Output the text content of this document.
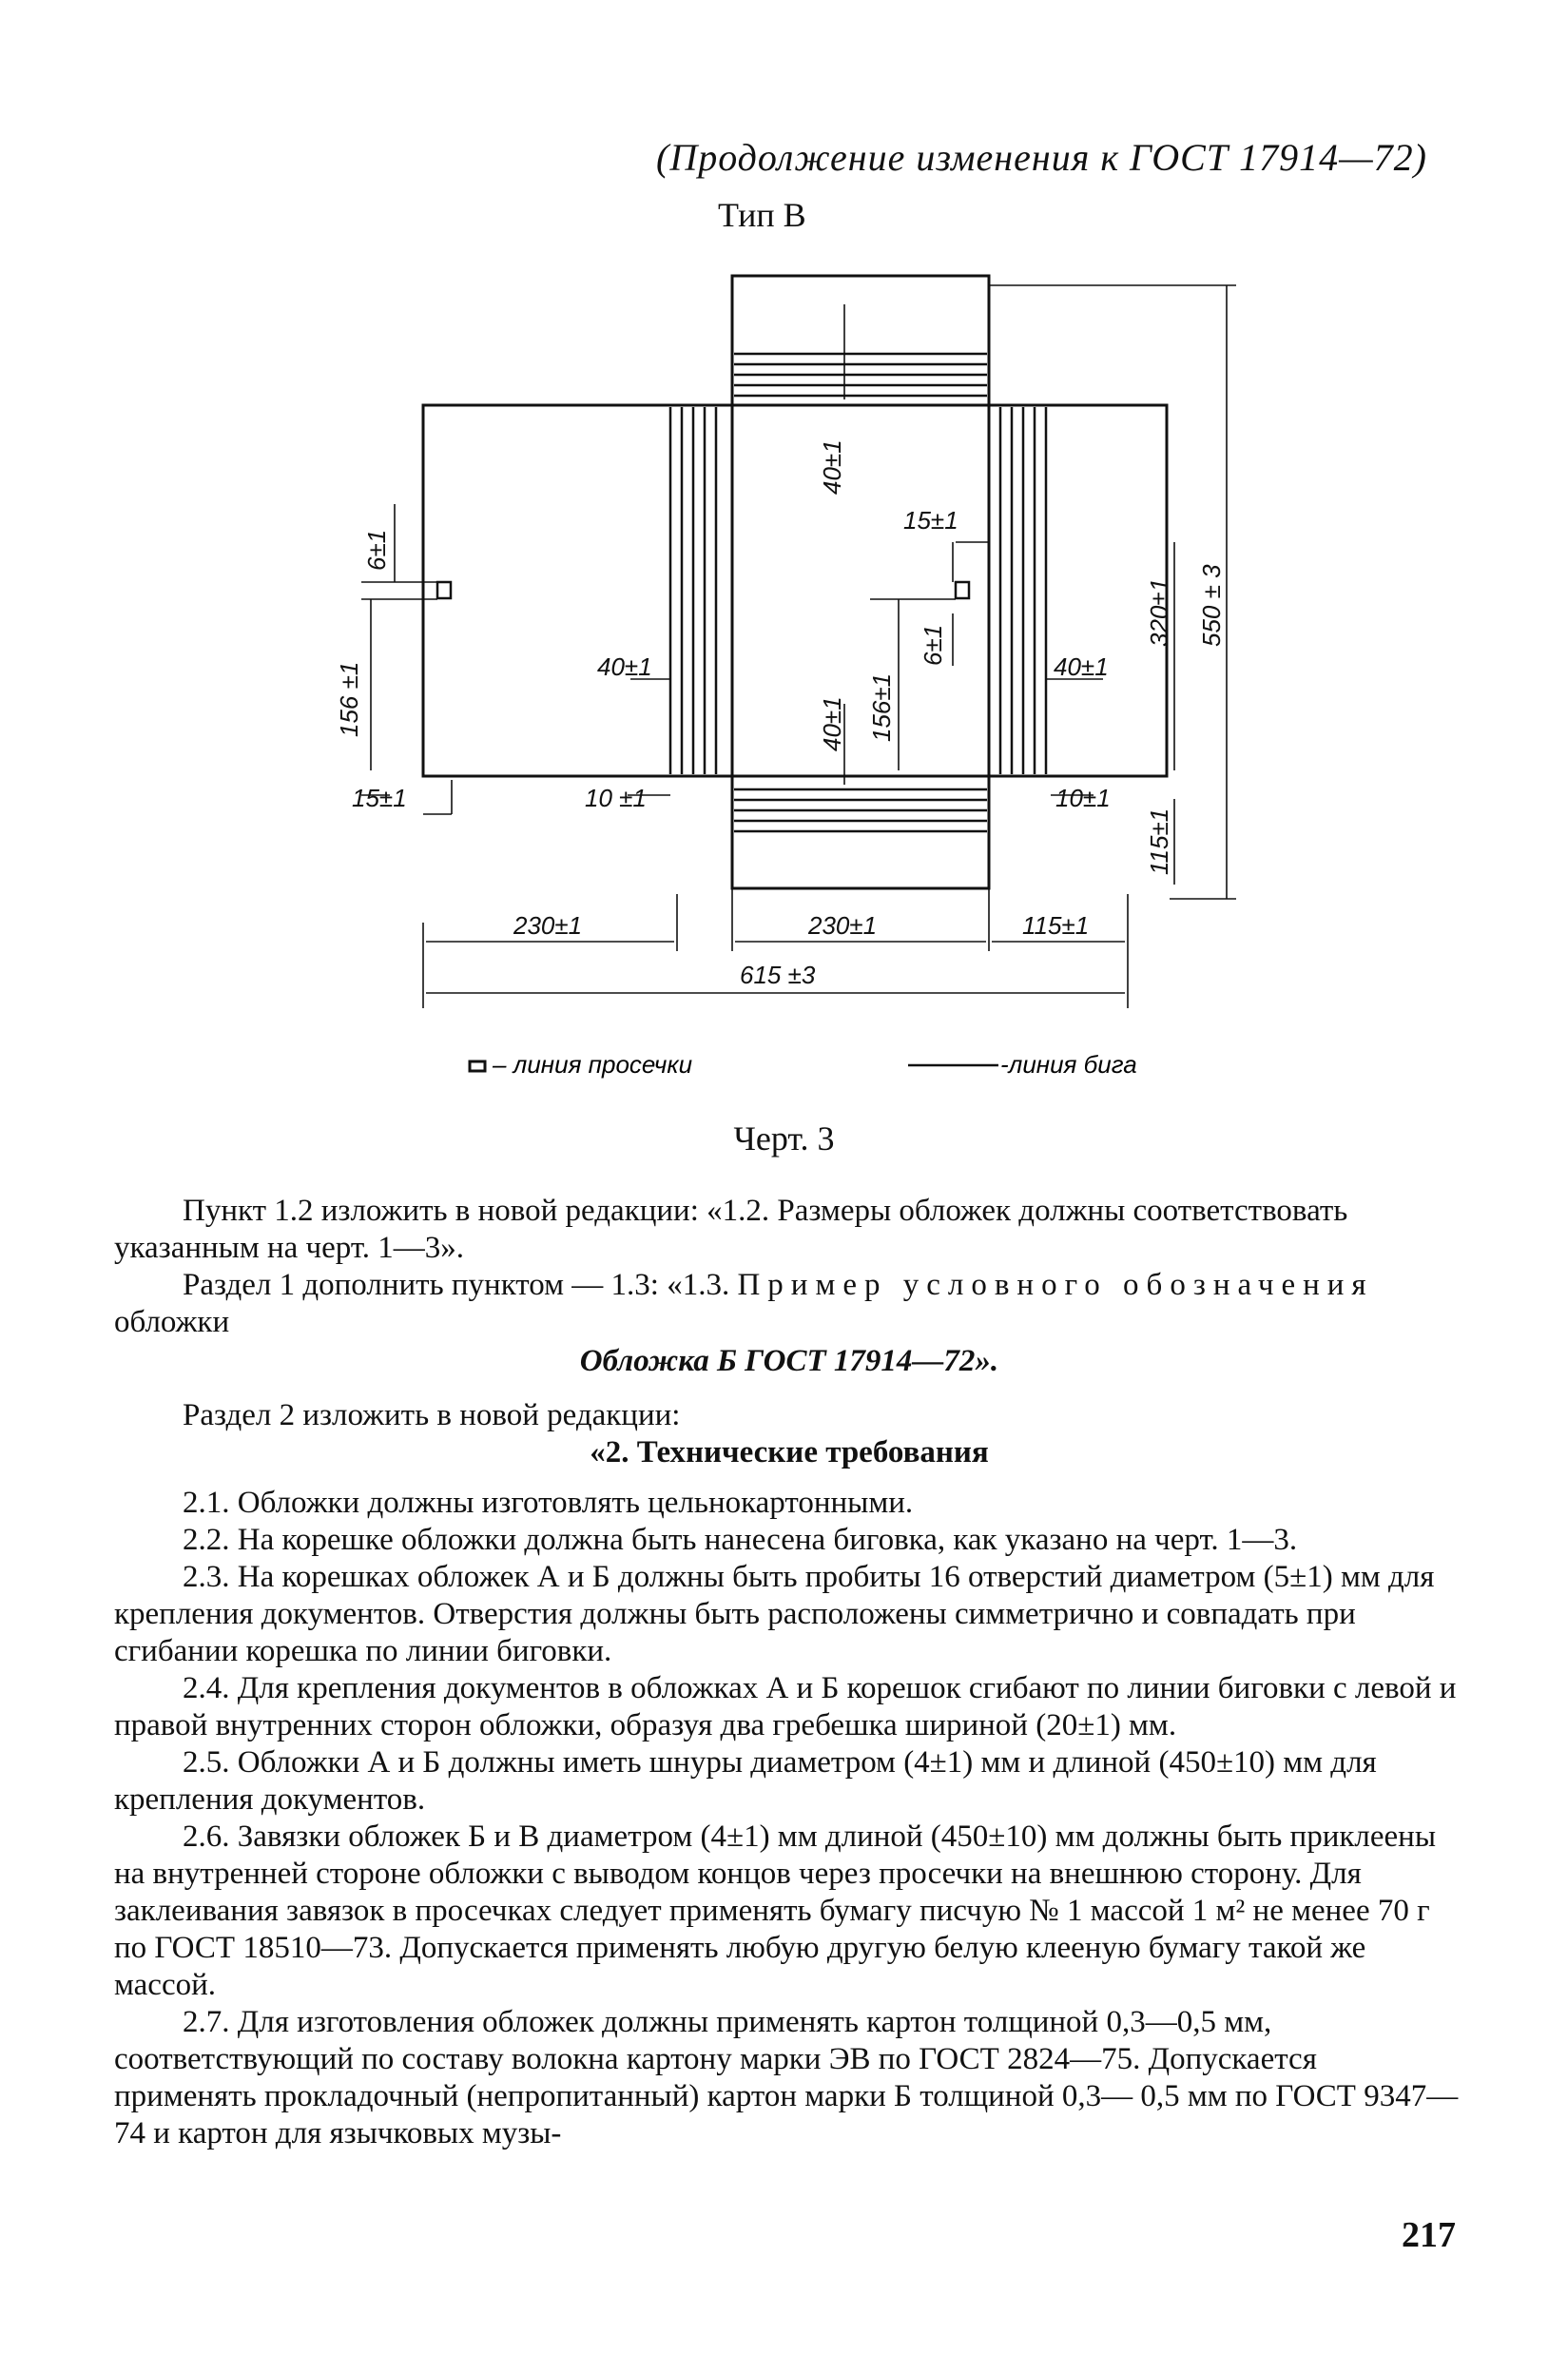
(Продолжение изменения к ГОСТ 17914—72)
Тип В
40±1
15±1
6±1
6±1
156 ±1	156±1
40±1	40±1
40±1
320±1 550 ± 3
115±1
15±1	10 ±1	10±1
230±1	230±1	115±1
615 ±3
– линия просечки	-линия бига
Черт. 3

Пункт 1.2 изложить в новой редакции: «1.2. Размеры обложек должны соответствовать указанным на черт. 1—3».

Раздел 1 дополнить пунктом — 1.3: «1.3. Пример условного обозначения обложки

Обложка Б ГОСТ 17914—72».

Раздел 2 изложить в новой редакции:

«2. Технические требования

2.1. Обложки должны изготовлять цельнокартонными.

2.2. На корешке обложки должна быть нанесена биговка, как указано на черт. 1—3.

2.3. На корешках обложек А и Б должны быть пробиты 16 отверстий диаметром (5±1) мм для крепления документов. Отверстия должны быть расположены симметрично и совпадать при сгибании корешка по линии биговки.

2.4. Для крепления документов в обложках А и Б корешок сгибают по линии биговки с левой и правой внутренних сторон обложки, образуя два гребешка шириной (20±1) мм.

2.5. Обложки А и Б должны иметь шнуры диаметром (4±1) мм и длиной (450±10) мм для крепления документов.

2.6. Завязки обложек Б и В диаметром (4±1) мм длиной (450±10) мм должны быть приклеены на внутренней стороне обложки с выводом концов через просечки на внешнюю сторону. Для заклеивания завязок в просечках следует применять бумагу писчую № 1 массой 1 м² не менее 70 г по ГОСТ 18510—73. Допускается применять любую другую белую клееную бумагу такой же массой.

2.7. Для изготовления обложек должны применять картон толщиной 0,3—0,5 мм, соответствующий по составу волокна картону марки ЭВ по ГОСТ 2824—75. Допускается применять прокладочный (непропитанный) картон марки Б толщиной 0,3— 0,5 мм по ГОСТ 9347—74 и картон для язычковых музы-

217
